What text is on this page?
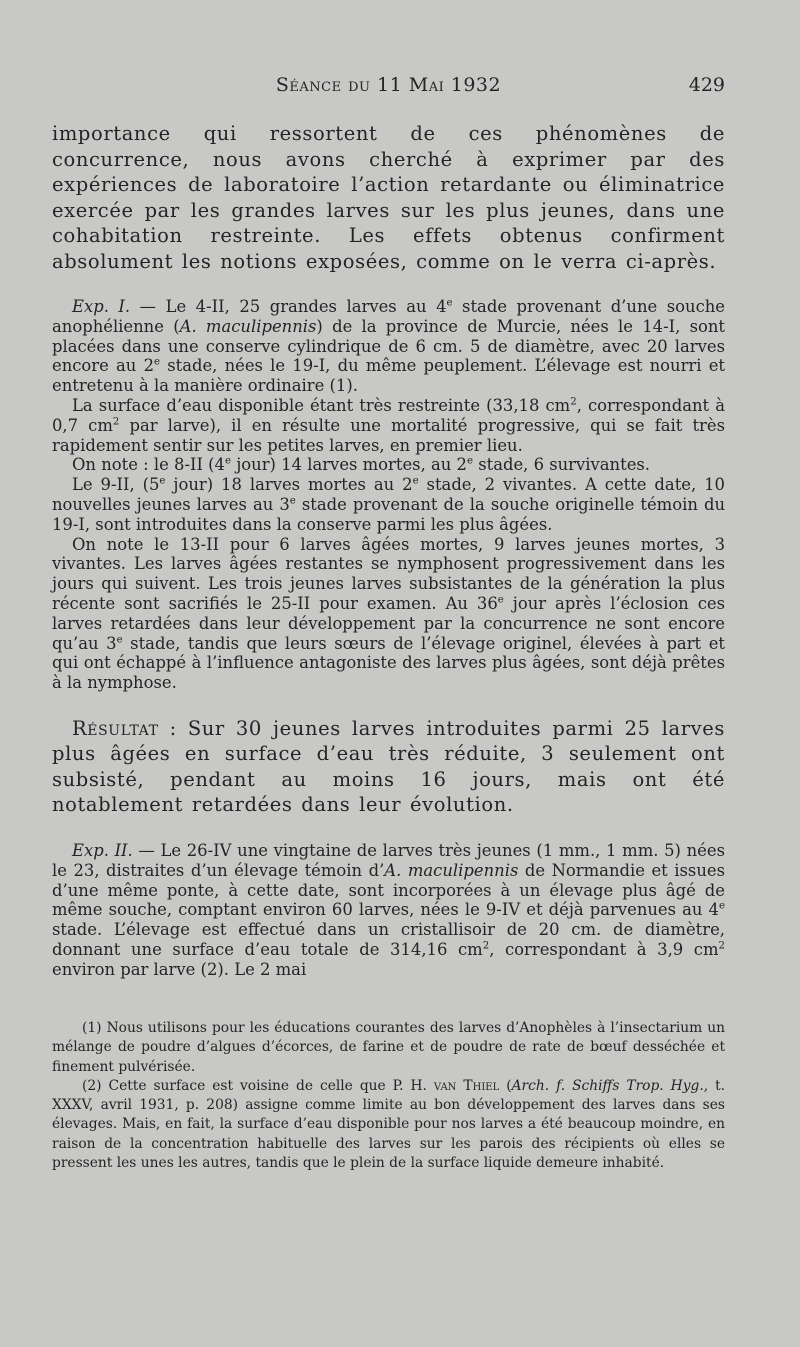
Séance du 11 Mai 1932	429

importance qui ressortent de ces phénomènes de concurrence, nous avons cherché à exprimer par des expériences de laboratoire l’action retardante ou éliminatrice exercée par les grandes larves sur les plus jeunes, dans une cohabitation restreinte. Les effets obtenus confirment absolument les notions exposées, comme on le verra ci-après.

Exp. I. — Le 4-II, 25 grandes larves au 4e stade provenant d’une souche anophélienne (A. maculipennis) de la province de Murcie, nées le 14-I, sont placées dans une conserve cylindrique de 6 cm. 5 de diamètre, avec 20 larves encore au 2e stade, nées le 19-I, du même peuplement. L’élevage est nourri et entretenu à la manière ordinaire (1).

La surface d’eau disponible étant très restreinte (33,18 $cm^2$, correspondant à 0,7 $cm^2$ par larve), il en résulte une mortalité progressive, qui se fait très rapidement sentir sur les petites larves, en premier lieu.

On note : le 8-II (4e jour) 14 larves mortes, au 2e stade, 6 survivantes.

Le 9-II, (5e jour) 18 larves mortes au 2e stade, 2 vivantes. A cette date, 10 nouvelles jeunes larves au 3e stade provenant de la souche originelle témoin du 19-I, sont introduites dans la conserve parmi les plus âgées.

On note le 13-II pour 6 larves âgées mortes, 9 larves jeunes mortes, 3 vivantes. Les larves âgées restantes se nymphosent progressivement dans les jours qui suivent. Les trois jeunes larves subsistantes de la génération la plus récente sont sacrifiés le 25-II pour examen. Au 36e jour après l’éclosion ces larves retardées dans leur développement par la concurrence ne sont encore qu’au 3e stade, tandis que leurs sœurs de l’élevage originel, élevées à part et qui ont échappé à l’influence antagoniste des larves plus âgées, sont déjà prêtes à la nymphose.

Résultat : Sur 30 jeunes larves introduites parmi 25 larves plus âgées en surface d’eau très réduite, 3 seulement ont subsisté, pendant au moins 16 jours, mais ont été notablement retardées dans leur évolution.

Exp. II. — Le 26-IV une vingtaine de larves très jeunes (1 mm., 1 mm. 5) nées le 23, distraites d’un élevage témoin d’A. maculipennis de Normandie et issues d’une même ponte, à cette date, sont incorporées à un élevage plus âgé de même souche, comptant environ 60 larves, nées le 9-IV et déjà parvenues au 4e stade. L’élevage est effectué dans un cristallisoir de 20 cm. de diamètre, donnant une surface d’eau totale de 314,16 $cm^2$, correspondant à 3,9 $cm^2$ environ par larve (2). Le 2 mai

(1) Nous utilisons pour les éducations courantes des larves d’Anophèles à l’insectarium un mélange de poudre d’algues d’écorces, de farine et de poudre de rate de bœuf desséchée et finement pulvérisée.

(2) Cette surface est voisine de celle que P. H. van Thiel (Arch. f. Schiffs Trop. Hyg., t. XXXV, avril 1931, p. 208) assigne comme limite au bon développement des larves dans ses élevages. Mais, en fait, la surface d’eau disponible pour nos larves a été beaucoup moindre, en raison de la concentration habituelle des larves sur les parois des récipients où elles se pressent les unes les autres, tandis que le plein de la surface liquide demeure inhabité.
